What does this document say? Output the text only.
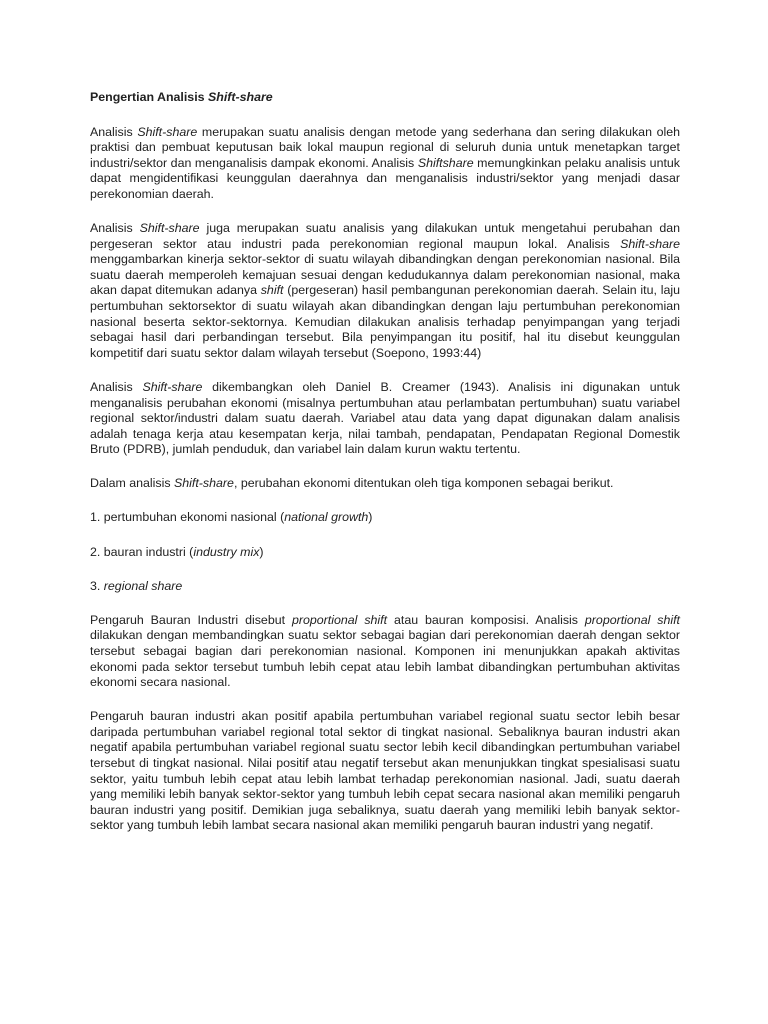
Pengertian Analisis Shift-share

Analisis Shift-share merupakan suatu analisis dengan metode yang sederhana dan sering dilakukan oleh praktisi dan pembuat keputusan baik lokal maupun regional di seluruh dunia untuk menetapkan target industri/sektor dan menganalisis dampak ekonomi. Analisis Shiftshare memungkinkan pelaku analisis untuk dapat mengidentifikasi keunggulan daerahnya dan menganalisis industri/sektor yang menjadi dasar perekonomian daerah.

Analisis Shift-share juga merupakan suatu analisis yang dilakukan untuk mengetahui perubahan dan pergeseran sektor atau industri pada perekonomian regional maupun lokal. Analisis Shift-share menggambarkan kinerja sektor-sektor di suatu wilayah dibandingkan dengan perekonomian nasional. Bila suatu daerah memperoleh kemajuan sesuai dengan kedudukannya dalam perekonomian nasional, maka akan dapat ditemukan adanya shift (pergeseran) hasil pembangunan perekonomian daerah. Selain itu, laju pertumbuhan sektorsektor di suatu wilayah akan dibandingkan dengan laju pertumbuhan perekonomian nasional beserta sektor-sektornya. Kemudian dilakukan analisis terhadap penyimpangan yang terjadi sebagai hasil dari perbandingan tersebut. Bila penyimpangan itu positif, hal itu disebut keunggulan kompetitif dari suatu sektor dalam wilayah tersebut (Soepono, 1993:44)

Analisis Shift-share dikembangkan oleh Daniel B. Creamer (1943). Analisis ini digunakan untuk menganalisis perubahan ekonomi (misalnya pertumbuhan atau perlambatan pertumbuhan) suatu variabel regional sektor/industri dalam suatu daerah. Variabel atau data yang dapat digunakan dalam analisis adalah tenaga kerja atau kesempatan kerja, nilai tambah, pendapatan, Pendapatan Regional Domestik Bruto (PDRB), jumlah penduduk, dan variabel lain dalam kurun waktu tertentu.

Dalam analisis Shift-share, perubahan ekonomi ditentukan oleh tiga komponen sebagai berikut.

1. pertumbuhan ekonomi nasional (national growth)

2. bauran industri (industry mix)

3. regional share

Pengaruh Bauran Industri disebut proportional shift atau bauran komposisi. Analisis proportional shift dilakukan dengan membandingkan suatu sektor sebagai bagian dari perekonomian daerah dengan sektor tersebut sebagai bagian dari perekonomian nasional. Komponen ini menunjukkan apakah aktivitas ekonomi pada sektor tersebut tumbuh lebih cepat atau lebih lambat dibandingkan pertumbuhan aktivitas ekonomi secara nasional.

Pengaruh bauran industri akan positif apabila pertumbuhan variabel regional suatu sector lebih besar daripada pertumbuhan variabel regional total sektor di tingkat nasional. Sebaliknya bauran industri akan negatif apabila pertumbuhan variabel regional suatu sector lebih kecil dibandingkan pertumbuhan variabel tersebut di tingkat nasional. Nilai positif atau negatif tersebut akan menunjukkan tingkat spesialisasi suatu sektor, yaitu tumbuh lebih cepat atau lebih lambat terhadap perekonomian nasional. Jadi, suatu daerah yang memiliki lebih banyak sektor-sektor yang tumbuh lebih cepat secara nasional akan memiliki pengaruh bauran industri yang positif. Demikian juga sebaliknya, suatu daerah yang memiliki lebih banyak sektor-sektor yang tumbuh lebih lambat secara nasional akan memiliki pengaruh bauran industri yang negatif.
